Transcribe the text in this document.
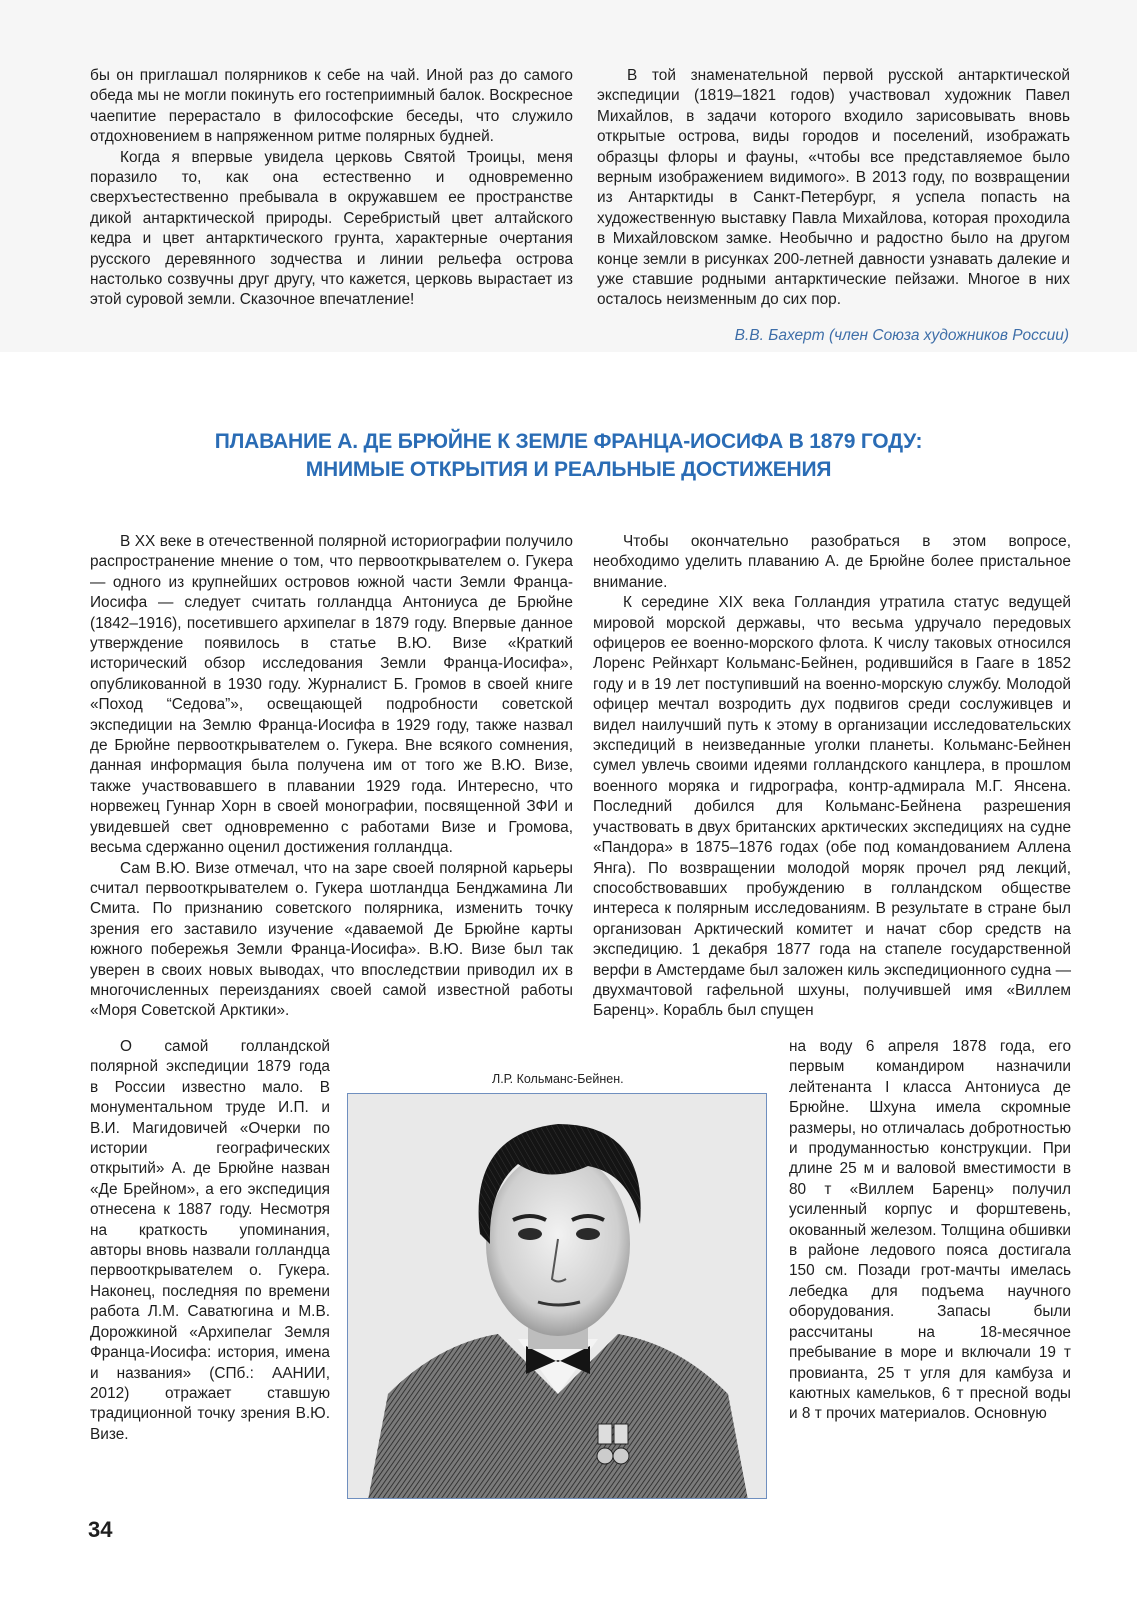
бы он приглашал полярников к себе на чай. Иной раз до самого обеда мы не могли покинуть его гостеприимный балок. Воскресное чаепитие перерастало в философские беседы, что служило отдохновением в напряженном ритме полярных будней.

Когда я впервые увидела церковь Святой Троицы, меня поразило то, как она естественно и одновременно сверхъестественно пребывала в окружавшем ее пространстве дикой антарктической природы. Серебристый цвет алтайского кедра и цвет антарктического грунта, характерные очертания русского деревянного зодчества и линии рельефа острова настолько созвучны друг другу, что кажется, церковь вырастает из этой суровой земли. Сказочное впечатление!

В той знаменательной первой русской антарктической экспедиции (1819–1821 годов) участвовал художник Павел Михайлов, в задачи которого входило зарисовывать вновь открытые острова, виды городов и поселений, изображать образцы флоры и фауны, «чтобы все представляемое было верным изображением видимого». В 2013 году, по возвращении из Антарктиды в Санкт-Петербург, я успела попасть на художественную выставку Павла Михайлова, которая проходила в Михайловском замке. Необычно и радостно было на другом конце земли в рисунках 200-летней давности узнавать далекие и уже ставшие родными антарктические пейзажи. Многое в них осталось неизменным до сих пор.

В.В. Бахерт (член Союза художников России)
ПЛАВАНИЕ А. ДЕ БРЮЙНЕ К ЗЕМЛЕ ФРАНЦА-ИОСИФА В 1879 ГОДУ:
МНИМЫЕ ОТКРЫТИЯ И РЕАЛЬНЫЕ ДОСТИЖЕНИЯ

В XX веке в отечественной полярной историографии получило распространение мнение о том, что первооткрывателем о. Гукера — одного из крупнейших островов южной части Земли Франца-Иосифа — следует считать голландца Антониуса де Брюйне (1842–1916), посетившего архипелаг в 1879 году. Впервые данное утверждение появилось в статье В.Ю. Визе «Краткий исторический обзор исследования Земли Франца-Иосифа», опубликованной в 1930 году. Журналист Б. Громов в своей книге «Поход “Седова”», освещающей подробности советской экспедиции на Землю Франца-Иосифа в 1929 году, также назвал де Брюйне первооткрывателем о. Гукера. Вне всякого сомнения, данная информация была получена им от того же В.Ю. Визе, также участвовавшего в плавании 1929 года. Интересно, что норвежец Гуннар Хорн в своей монографии, посвященной ЗФИ и увидевшей свет одновременно с работами Визе и Громова, весьма сдержанно оценил достижения голландца.

Сам В.Ю. Визе отмечал, что на заре своей полярной карьеры считал первооткрывателем о. Гукера шотландца Бенджамина Ли Смита. По признанию советского полярника, изменить точку зрения его заставило изучение «даваемой Де Брюйне карты южного побережья Земли Франца-Иосифа». В.Ю. Визе был так уверен в своих новых выводах, что впоследствии приводил их в многочисленных переизданиях своей самой известной работы «Моря Советской Арктики».

О самой голландской полярной экспедиции 1879 года в России известно мало. В монументальном труде И.П. и В.И. Магидовичей «Очерки по истории географических открытий» А. де Брюйне назван «Де Брейном», а его экспедиция отнесена к 1887 году. Несмотря на краткость упоминания, авторы вновь назвали голландца первооткрывателем о. Гукера. Наконец, последняя по времени работа Л.М. Саватюгина и М.В. Дорожкиной «Архипелаг Земля Франца-Иосифа: история, имена и названия» (СПб.: ААНИИ, 2012) отражает ставшую традиционной точку зрения В.Ю. Визе.

Чтобы окончательно разобраться в этом вопросе, необходимо уделить плаванию А. де Брюйне более пристальное внимание.

К середине XIX века Голландия утратила статус ведущей мировой морской державы, что весьма удручало передовых офицеров ее военно-морского флота. К числу таковых относился Лоренс Рейнхарт Кольманс-Бейнен, родившийся в Гааге в 1852 году и в 19 лет поступивший на военно-морскую службу. Молодой офицер мечтал возродить дух подвигов среди сослуживцев и видел наилучший путь к этому в организации исследовательских экспедиций в неизведанные уголки планеты. Кольманс-Бейнен сумел увлечь своими идеями голландского канцлера, в прошлом военного моряка и гидрографа, контр-адмирала М.Г. Янсена. Последний добился для Кольманс-Бейнена разрешения участвовать в двух британских арктических экспедициях на судне «Пандора» в 1875–1876 годах (обе под командованием Аллена Янга). По возвращении молодой моряк прочел ряд лекций, способствовавших пробуждению в голландском обществе интереса к полярным исследованиям. В результате в стране был организован Арктический комитет и начат сбор средств на экспедицию. 1 декабря 1877 года на стапеле государственной верфи в Амстердаме был заложен киль экспедиционного судна — двухмачтовой гафельной шхуны, получившей имя «Виллем Баренц». Корабль был спущен

на воду 6 апреля 1878 года, его первым командиром назначили лейтенанта I класса Антониуса де Брюйне. Шхуна имела скромные размеры, но отличалась добротностью и продуманностью конструкции. При длине 25 м и валовой вместимости в 80 т «Виллем Баренц» получил усиленный корпус и форштевень, окованный железом. Толщина обшивки в районе ледового пояса достигала 150 см. Позади грот-мачты имелась лебедка для подъема научного оборудования. Запасы были рассчитаны на 18-месячное пребывание в море и включали 19 т провианта, 25 т угля для камбуза и каютных камельков, 6 т пресной воды и 8 т прочих материалов. Основную

Л.Р. Кольманс-Бейнен.
34
